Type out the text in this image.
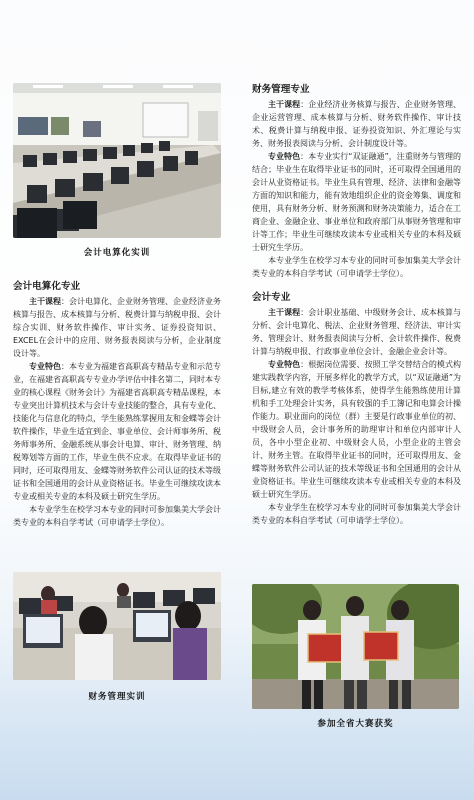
会计电算化实训
会计电算化专业

主干课程：会计电算化、企业财务管理、企业经济业务核算与报告、成本核算与分析、税费计算与纳税申报、会计综合实训、财务软件操作、审计实务、证券投资知识、EXCEL在会计中的应用、财务报表阅读与分析，企业制度设计等。

专业特色：本专业为福建省高职高专精品专业和示范专业，在福建省高职高专专业办学评估中排名第二，同时本专业的核心课程《财务会计》为福建省高职高专精品课程，本专业突出计算机技术与会计专业技能的整合，具有专业化、技能化与信息化的特点，学生能熟练掌握用友和金蝶等会计软件操作，毕业生适宜到企、事业单位、会计师事务所、税务师事务所、金融系统从事会计电算、审计、财务管理、纳税筹划等方面的工作，毕业生供不应求。在取得毕业证书的同时，还可取得用友、金蝶等财务软件公司认证的技术等级证书和全国通用的会计从业资格证书。毕业生可继续攻读本专业或相关专业的本科及硕士研究生学历。

本专业学生在校学习本专业的同时可参加集美大学会计类专业的本科自学考试（可申请学士学位）。

财务管理实训
财务管理专业

主干课程：企业经济业务核算与报告、企业财务管理、企业运营管理、成本核算与分析、财务软件操作、审计技术、税费计算与纳税申报、证券投资知识、外汇理论与实务、财务报表阅读与分析、会计制度设计等。

专业特色：本专业实行“双证融通”，注重财务与管理的结合；毕业生在取得毕业证书的同时，还可取得全国通用的会计从业资格证书。毕业生具有管理、经济、法律和金融等方面的知识和能力，能有效地组织企业的资金筹集、调度和使用，具有财务分析、财务预测和财务决策能力，适合在工商企业、金融企业、事业单位和政府部门从事财务管理和审计等工作；毕业生可继续攻读本专业或相关专业的本科及硕士研究生学历。

本专业学生在校学习本专业的同时可参加集美大学会计类专业的本科自学考试（可申请学士学位）。

会计专业

主干课程：会计职业基础、中级财务会计、成本核算与分析、会计电算化、税法、企业财务管理、经济法、审计实务、管理会计、财务报表阅读与分析、会计软件操作、税费计算与纳税申报、行政事业单位会计、金融企业会计等。

专业特色：根据岗位需要、按照工学交替结合的模式构建实践教学内容，开展多样化的教学方式，以“双证融通”为目标,建立有效的教学考核体系，使得学生能熟练使用计算机和手工处理会计实务，具有较强的手工簿记和电算会计操作能力。职业面向的岗位（群）主要是行政事业单位的初、中级财会人员，会计事务所的助理审计和单位内部审计人员，各中小型企业初、中级财会人员，小型企业的主管会计、财务主管。在取得毕业证书的同时，还可取得用友、金蝶等财务软件公司认证的技术等级证书和全国通用的会计从业资格证书。毕业生可继续攻读本专业或相关专业的本科及硕士研究生学历。

本专业学生在校学习本专业的同时可参加集美大学会计类专业的本科自学考试（可申请学士学位）。

参加全省大赛获奖
